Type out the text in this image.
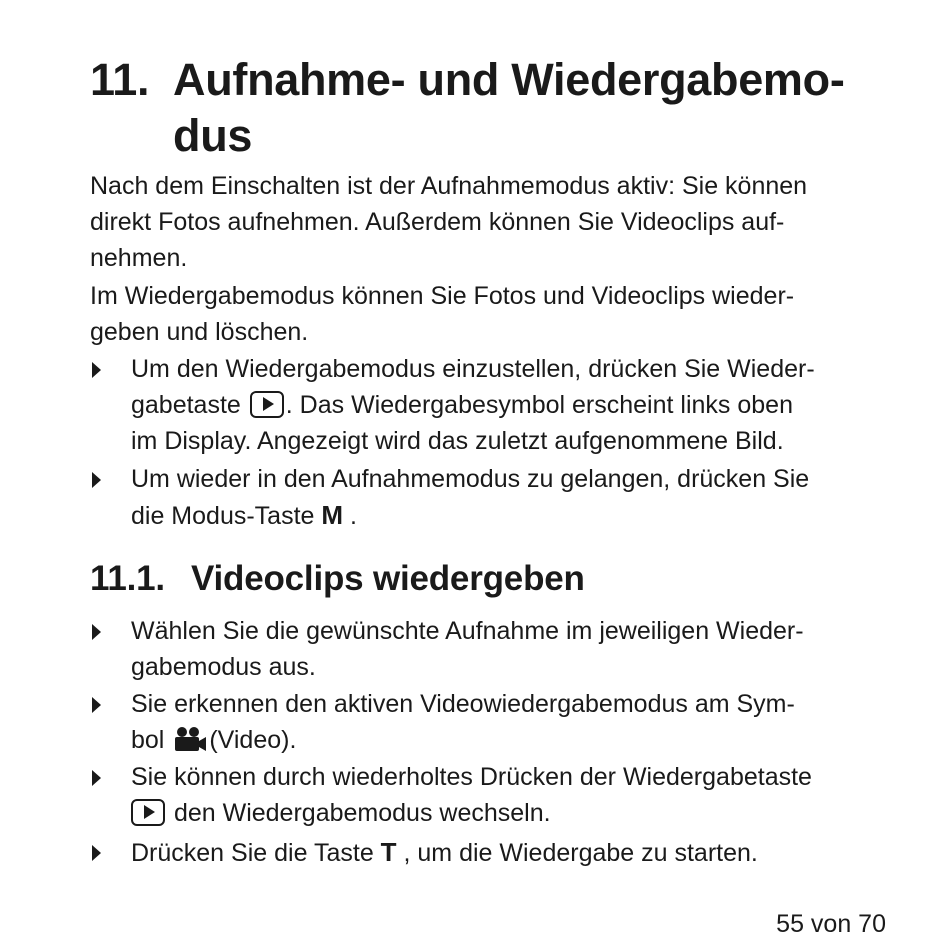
11. Aufnahme- und Wiedergabemo-
dus

Nach dem Einschalten ist der Aufnahmemodus aktiv: Sie können
direkt Fotos aufnehmen. Außerdem können Sie Videoclips auf-
nehmen.

Im Wiedergabemodus können Sie Fotos und Videoclips wieder-
geben und löschen.

Um den Wiedergabemodus einzustellen, drücken Sie Wieder-
gabetaste . Das Wiedergabesymbol erscheint links oben
im Display. Angezeigt wird das zuletzt aufgenommene Bild.
Um wieder in den Aufnahmemodus zu gelangen, drücken Sie
die Modus-Taste M .
11.1. Videoclips wiedergeben
Wählen Sie die gewünschte Aufnahme im jeweiligen Wieder-
gabemodus aus.
Sie erkennen den aktiven Videowiedergabemodus am Sym-
bol (Video).
Sie können durch wiederholtes Drücken der Wiedergabetaste
den Wiedergabemodus wechseln.
Drücken Sie die Taste T , um die Wiedergabe zu starten.
55 von 70
